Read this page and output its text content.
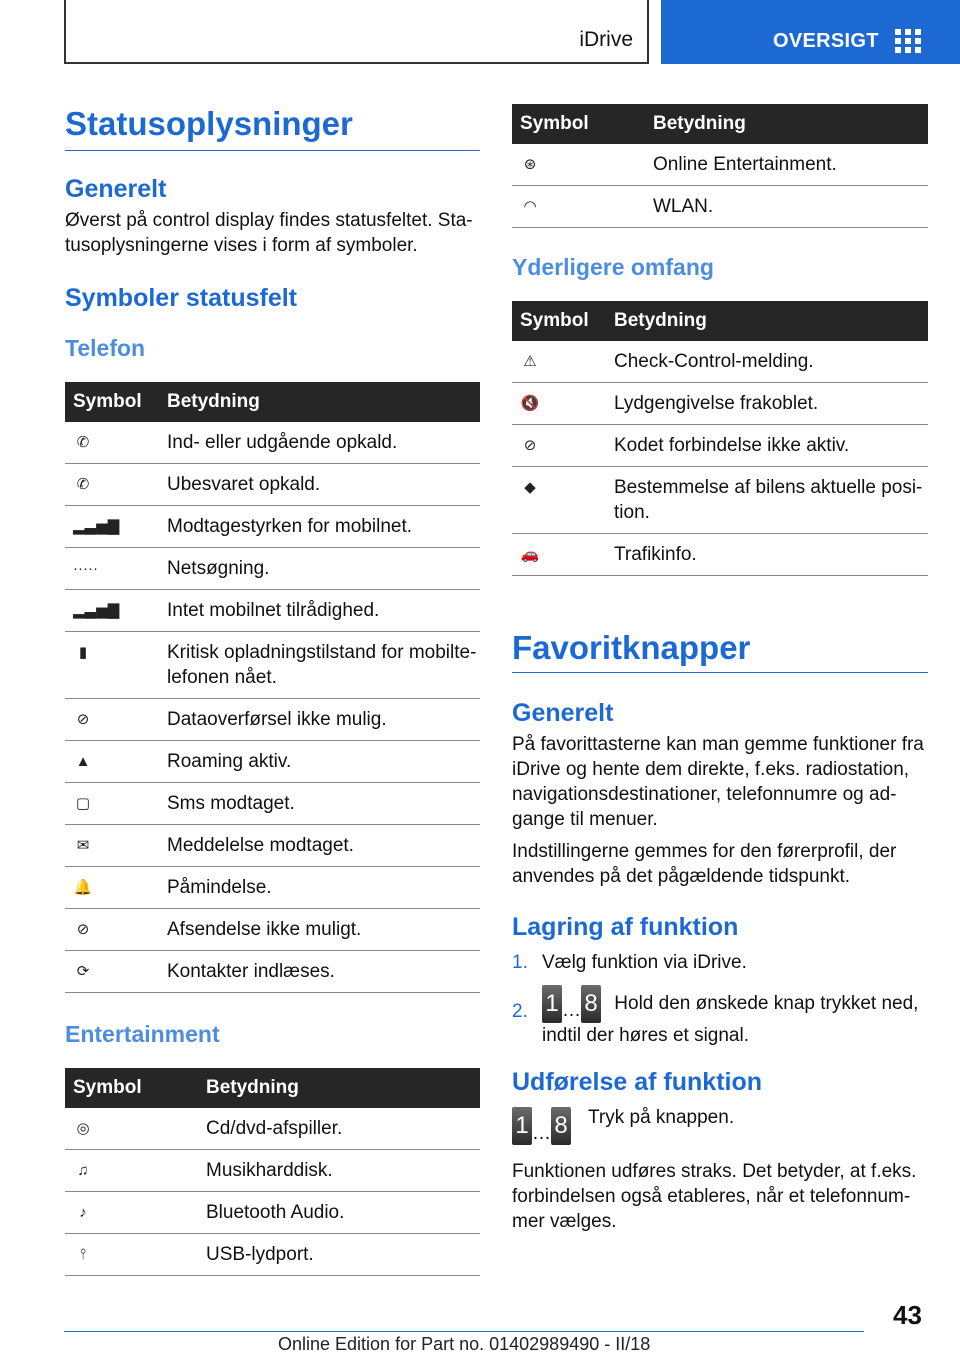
iDrive	OVERSIGT
Statusoplysninger
Generelt

Øverst på control display findes statusfeltet. Sta-

tusoplysningerne vises i form af symboler.

Symboler statusfelt
Telefon
Symbol	Betydning
✆	Ind- eller udgående opkald.
✆	Ubesvaret opkald.
▂▃▅▇	Modtagestyrken for mobilnet.
·····	Netsøgning.
▂▃▅▇	Intet mobilnet tilrådighed.
▮	Kritisk opladningstilstand for mobilte-
lefonen nået.
⊘	Dataoverførsel ikke mulig.
▲	Roaming aktiv.
▢	Sms modtaget.
✉	Meddelelse modtaget.
🔔	Påmindelse.
⊘	Afsendelse ikke muligt.
⟳	Kontakter indlæses.
Entertainment
Symbol	Betydning
◎	Cd/dvd-afspiller.
♫	Musikharddisk.
♪	Bluetooth Audio.
⫯	USB-lydport.
Symbol	Betydning
⊛	Online Entertainment.
◠	WLAN.
Yderligere omfang
Symbol	Betydning
⚠	Check-Control-melding.
🔇	Lydgengivelse frakoblet.
⊘	Kodet forbindelse ikke aktiv.
◆	Bestemmelse af bilens aktuelle posi-
tion.
🚗	Trafikinfo.
Favoritknapper
Generelt

På favorittasterne kan man gemme funktioner fra

iDrive og hente dem direkte, f.eks. radiostation,

navigationsdestinationer, telefonnumre og ad-

gange til menuer.

Indstillingerne gemmes for den førerprofil, der

anvendes på det pågældende tidspunkt.

Lagring af funktion
1. Vælg funktion via iDrive.
2. 1 … 8 Hold den ønskede knap trykket ned,
indtil der høres et signal.
Udførelse af funktion
1 … 8 Tryk på knappen.

Funktionen udføres straks. Det betyder, at f.eks.

forbindelsen også etableres, når et telefonnum-

mer vælges.

43
Online Edition for Part no. 01402989490 - II/18
